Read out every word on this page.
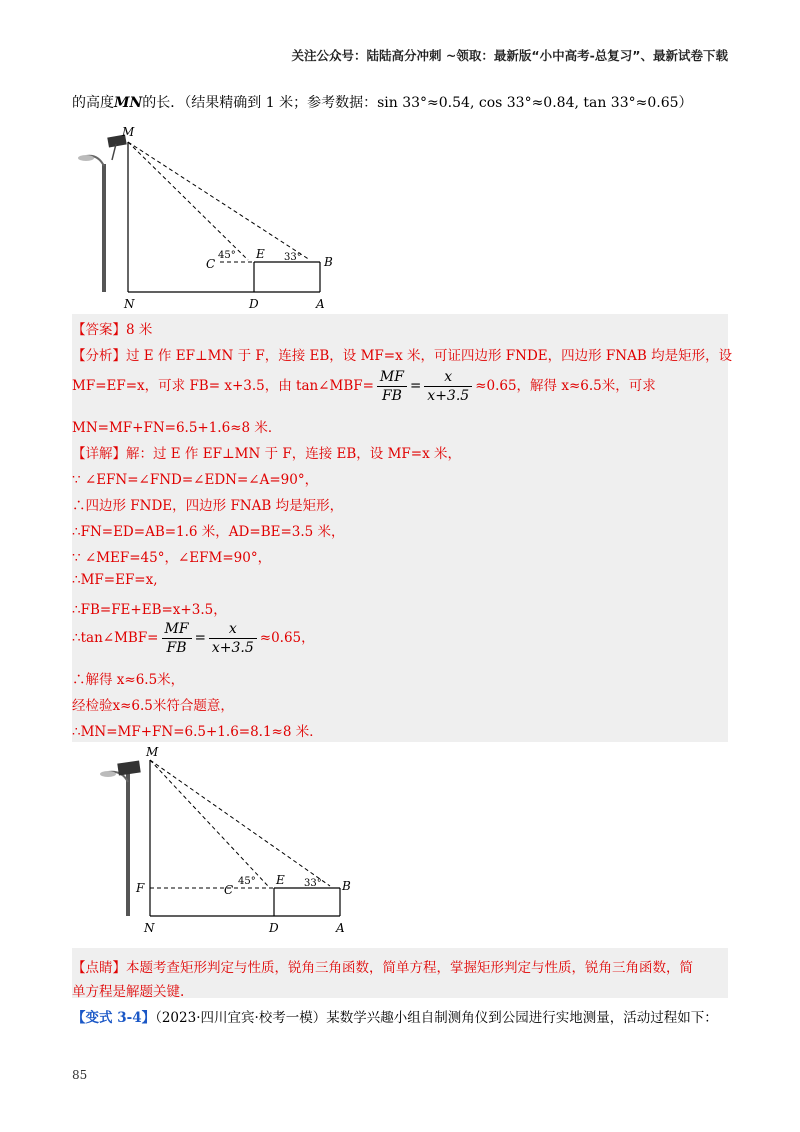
关注公众号：陆陆高分冲刺 ~领取：最新版“小中高考-总复习”、最新试卷下载
的高度MN的长．（结果精确到 1 米；参考数据：sin 33°≈0.54, cos 33°≈0.84, tan 33°≈0.65）
M
C
E
B
N	D	A
45°	33°
【答案】8 米
【分析】过 E 作 EF⊥MN 于 F，连接 EB，设 MF=x 米，可证四边形 FNDE，四边形 FNAB 均是矩形，设
MF=EF=x，可求 FB= x+3.5，由 tan∠MBF= $\frac{MF}{FB} = \frac{x}{x+3.5} \approx 0.65$，解得 x≈6.5米，可求
MN=MF+FN=6.5+1.6≈8 米．
【详解】解：过 E 作 EF⊥MN 于 F，连接 EB，设 MF=x 米，
∵ ∠EFN=∠FND=∠EDN=∠A=90°，
∴四边形 FNDE，四边形 FNAB 均是矩形，
∴FN=ED=AB=1.6 米，AD=BE=3.5 米，
∵ ∠MEF=45°，∠EFM=90°，
∴MF=EF=x,
∴FB=FE+EB=x+3.5，
∴tan∠MBF= $\frac{MF}{FB} = \frac{x}{x+3.5} \approx 0.65$，
∴解得 x≈6.5米，
经检验x≈6.5米符合题意，
∴MN=MF+FN=6.5+1.6=8.1≈8 米．
M
F	C
E	B
N	D	A
45°	33°
【点睛】本题考查矩形判定与性质，锐角三角函数，简单方程，掌握矩形判定与性质，锐角三角函数，简
单方程是解题关键.
【变式 3-4】（2023·四川宜宾·校考一模）某数学兴趣小组自制测角仪到公园进行实地测量，活动过程如下：
85
